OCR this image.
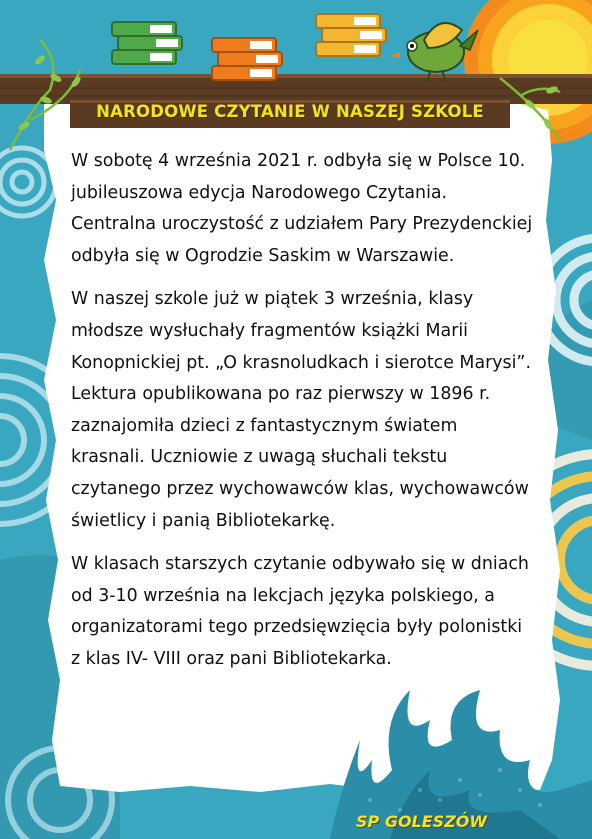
NARODOWE CZYTANIE W NASZEJ SZKOLE

W sobotę 4 września 2021 r. odbyła się w Polsce 10. jubileuszowa edycja Narodowego Czytania. Centralna uroczystość z udziałem Pary Prezydenckiej odbyła się w Ogrodzie Saskim w Warszawie.

W naszej szkole już w piątek 3 września, klasy młodsze wysłuchały fragmentów książki Marii Konopnickiej pt. „O krasnoludkach i sierotce Marysi”. Lektura opublikowana po raz pierwszy w 1896 r. zaznajomiła dzieci z fantastycznym światem krasnali. Uczniowie z uwagą słuchali tekstu czytanego przez wychowawców klas, wychowawców świetlicy i panią Bibliotekarkę.

W klasach starszych czytanie odbywało się w dniach od 3-10 września na lekcjach języka polskiego, a organizatorami tego przedsięwzięcia były polonistki z klas IV- VIII oraz pani Bibliotekarka.

SP GOLESZÓW
